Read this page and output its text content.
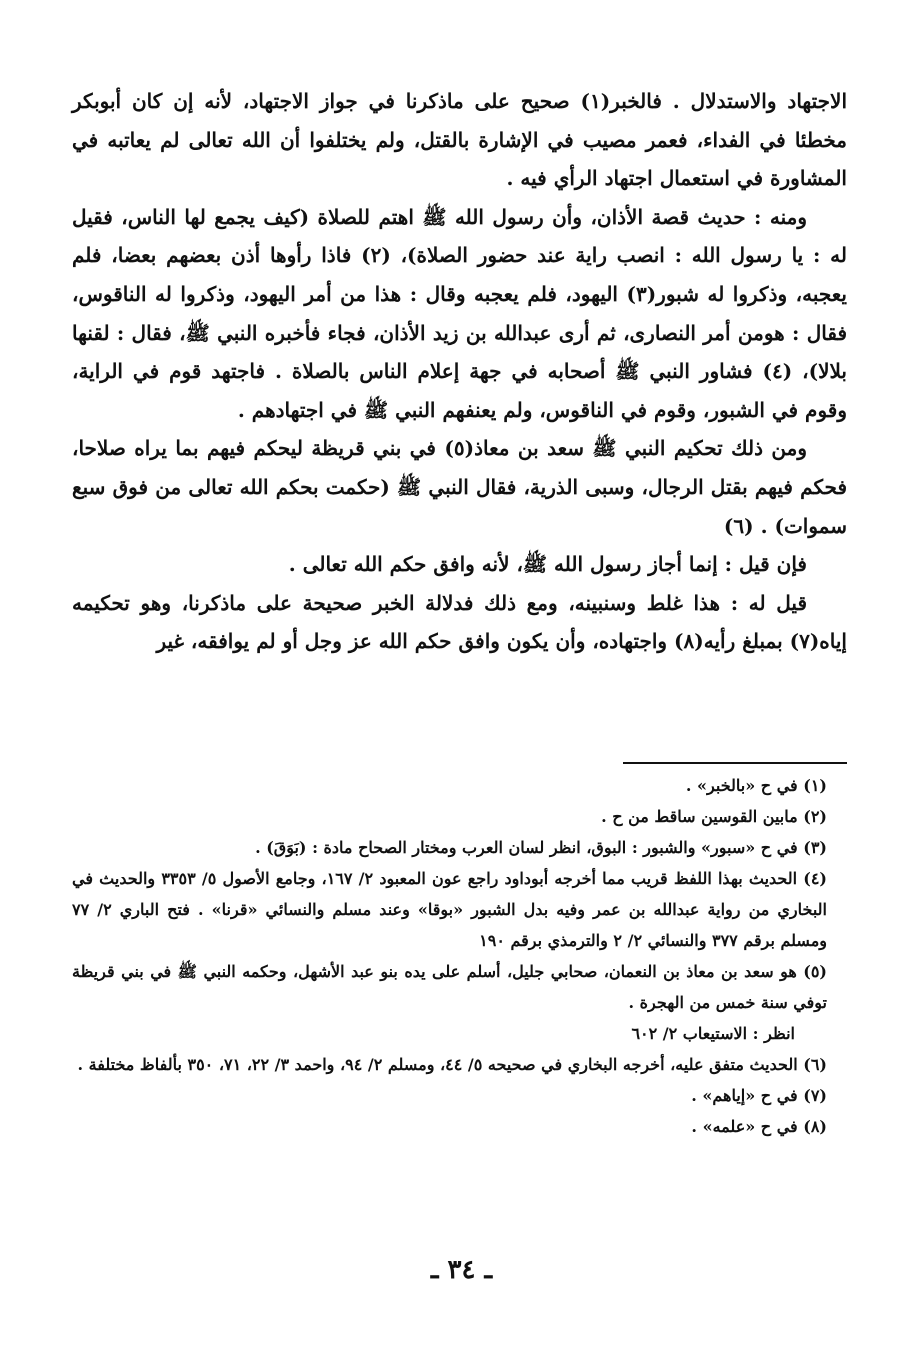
الاجتهاد والاستدلال . فالخبر(١) صحيح على ماذكرنا في جواز الاجتهاد، لأنه إن كان أبوبكر مخطئا في الفداء، فعمر مصيب في الإشارة بالقتل، ولم يختلفوا أن الله تعالى لم يعاتبه في المشاورة في استعمال اجتهاد الرأي فيه .

ومنه : حديث قصة الأذان، وأن رسول الله ﷺ اهتم للصلاة (كيف يجمع لها الناس، فقيل له : يا رسول الله : انصب راية عند حضور الصلاة)، (٢) فاذا رأوها أذن بعضهم بعضا، فلم يعجبه، وذكروا له شبور(٣) اليهود، فلم يعجبه وقال : هذا من أمر اليهود، وذكروا له الناقوس، فقال : هومن أمر النصارى، ثم أرى عبدالله بن زيد الأذان، فجاء فأخبره النبي ﷺ، فقال : لقنها بلالا)، (٤) فشاور النبي ﷺ أصحابه في جهة إعلام الناس بالصلاة . فاجتهد قوم في الراية، وقوم في الشبور، وقوم في الناقوس، ولم يعنفهم النبي ﷺ في اجتهادهم .

ومن ذلك تحكيم النبي ﷺ سعد بن معاذ(٥) في بني قريظة ليحكم فيهم بما يراه صلاحا، فحكم فيهم بقتل الرجال، وسبى الذرية، فقال النبي ﷺ (حكمت بحكم الله تعالى من فوق سبع سموات) . (٦)

فإن قيل : إنما أجاز رسول الله ﷺ، لأنه وافق حكم الله تعالى .

قيل له : هذا غلط وسنبينه، ومع ذلك فدلالة الخبر صحيحة على ماذكرنا، وهو تحكيمه إياه(٧) بمبلغ رأيه(٨) واجتهاده، وأن يكون وافق حكم الله عز وجل أو لم يوافقه، غير

(١) في ح «بالخبر» .

(٢) مابين القوسين ساقط من ح .

(٣) في ح «سبور» والشبور : البوق، انظر لسان العرب ومختار الصحاح مادة : (بَوَقَ) .

(٤) الحديث بهذا اللفظ قريب مما أخرجه أبوداود راجع عون المعبود ٢/ ١٦٧، وجامع الأصول ٥/ ٣٣٥٣ والحديث في البخاري من رواية عبدالله بن عمر وفيه بدل الشبور «بوقا» وعند مسلم والنسائي «قرنا» . فتح الباري ٢/ ٧٧ ومسلم برقم ٣٧٧ والنسائي ٢/ ٢ والترمذي برقم ١٩٠

(٥) هو سعد بن معاذ بن النعمان، صحابي جليل، أسلم على يده بنو عبد الأشهل، وحكمه النبي ﷺ في بني قريظة توفي سنة خمس من الهجرة .

انظر : الاستيعاب ٢/ ٦٠٢

(٦) الحديث متفق عليه، أخرجه البخاري في صحيحه ٥/ ٤٤، ومسلم ٢/ ٩٤، واحمد ٣/ ٢٢، ٧١، ٣٥٠ بألفاظ مختلفة .

(٧) في ح «إياهم» .

(٨) في ح «علمه» .

ـ ٣٤ ـ
